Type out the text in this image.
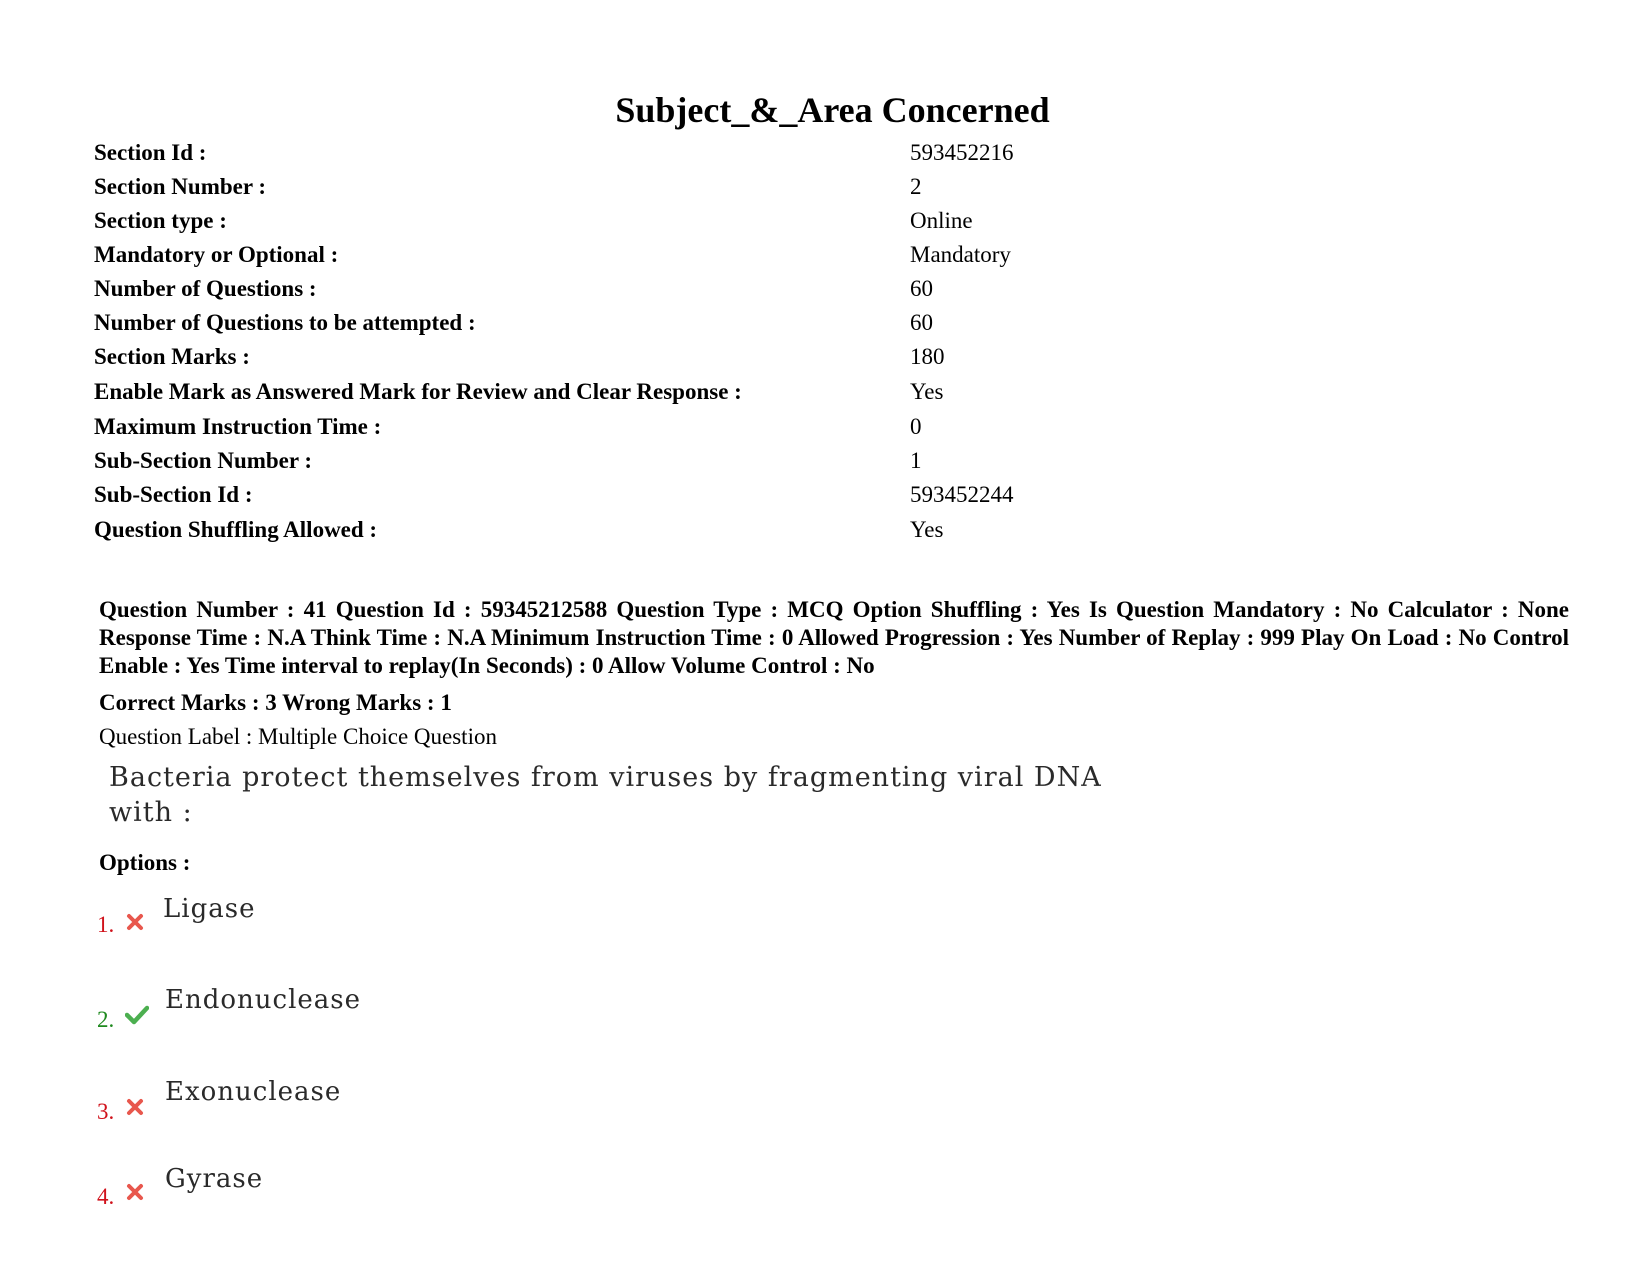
Subject_&_Area Concerned
Section Id :	593452216
Section Number :	2
Section type :	Online
Mandatory or Optional :	Mandatory
Number of Questions :	60
Number of Questions to be attempted :	60
Section Marks :	180
Enable Mark as Answered Mark for Review and Clear Response :	Yes
Maximum Instruction Time :	0
Sub-Section Number :	1
Sub-Section Id :	593452244
Question Shuffling Allowed :	Yes
Question Number : 41 Question Id : 59345212588 Question Type : MCQ Option Shuffling : Yes Is Question Mandatory : No Calculator : None Response Time : N.A Think Time : N.A Minimum Instruction Time : 0 Allowed Progression : Yes Number of Replay : 999 Play On Load : No Control Enable : Yes Time interval to replay(In Seconds) : 0 Allow Volume Control : No
Correct Marks : 3 Wrong Marks : 1
Question Label : Multiple Choice Question
Bacteria protect themselves from viruses by fragmenting viral DNA with :
Options :
1.
Ligase
2.
Endonuclease
3.
Exonuclease
4.
Gyrase
